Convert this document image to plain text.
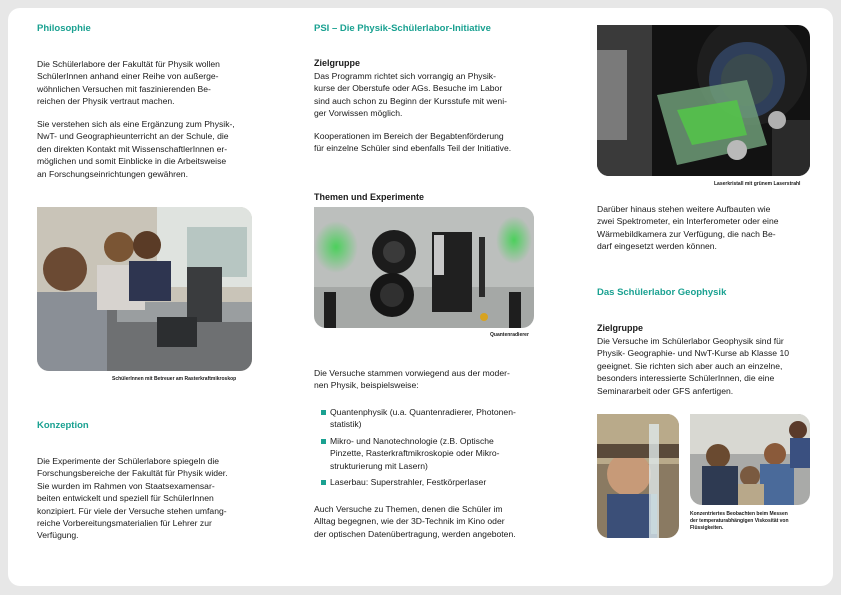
Philosophie
Die Schülerlabore der Fakultät für Physik wollen
SchülerInnen anhand einer Reihe von außerge-
wöhnlichen Versuchen mit faszinierenden Be-
reichen der Physik vertraut machen.
Sie verstehen sich als eine Ergänzung zum Physik-,
NwT- und Geographieunterricht an der Schule, die
den direkten Kontakt mit WissenschaftlerInnen er-
möglichen und somit Einblicke in die Arbeitsweise
an Forschungseinrichtungen gewähren.
SchülerInnen mit Betreuer am Rasterkraftmikroskop
Konzeption
Die Experimente der Schülerlabore spiegeln die
Forschungsbereiche der Fakultät für Physik wider.
Sie wurden im Rahmen von Staatsexamensar-
beiten entwickelt und speziell für SchülerInnen
konzipiert. Für viele der Versuche stehen umfang-
reiche Vorbereitungsmaterialien für Lehrer zur
Verfügung.
PSI – Die Physik-Schülerlabor-Initiative
Zielgruppe
Das Programm richtet sich vorrangig an Physik-
kurse der Oberstufe oder AGs. Besuche im Labor
sind auch schon zu Beginn der Kursstufe mit weni-
ger Vorwissen möglich.
Kooperationen im Bereich der Begabtenförderung
für einzelne Schüler sind ebenfalls Teil der Initiative.
Themen und Experimente
Quantenradierer
Die Versuche stammen vorwiegend aus der moder-
nen Physik, beispielsweise:
Quantenphysik (u.a. Quantenradierer, Photonen-
statistik)
Mikro- und Nanotechnologie (z.B. Optische
Pinzette, Rasterkraftmikroskopie oder Mikro-
strukturierung mit Lasern)
Laserbau: Superstrahler, Festkörperlaser
Auch Versuche zu Themen, denen die Schüler im
Alltag begegnen, wie der 3D-Technik im Kino oder
der optischen Datenübertragung, werden angeboten.
Laserkristall mit grünem Laserstrahl
Darüber hinaus stehen weitere Aufbauten wie
zwei Spektrometer, ein Interferometer oder eine
Wärmebildkamera zur Verfügung, die nach Be-
darf eingesetzt werden können.
Das Schülerlabor Geophysik
Zielgruppe
Die Versuche im Schülerlabor Geophysik sind für
Physik- Geographie- und NwT-Kurse ab Klasse 10
geeignet. Sie richten sich aber auch an einzelne,
besonders interessierte SchülerInnen, die eine
Seminararbeit oder GFS anfertigen.
Konzentriertes Beobachten beim Messen
der temperaturabhängigen Viskosität von
Flüssigkeiten.
